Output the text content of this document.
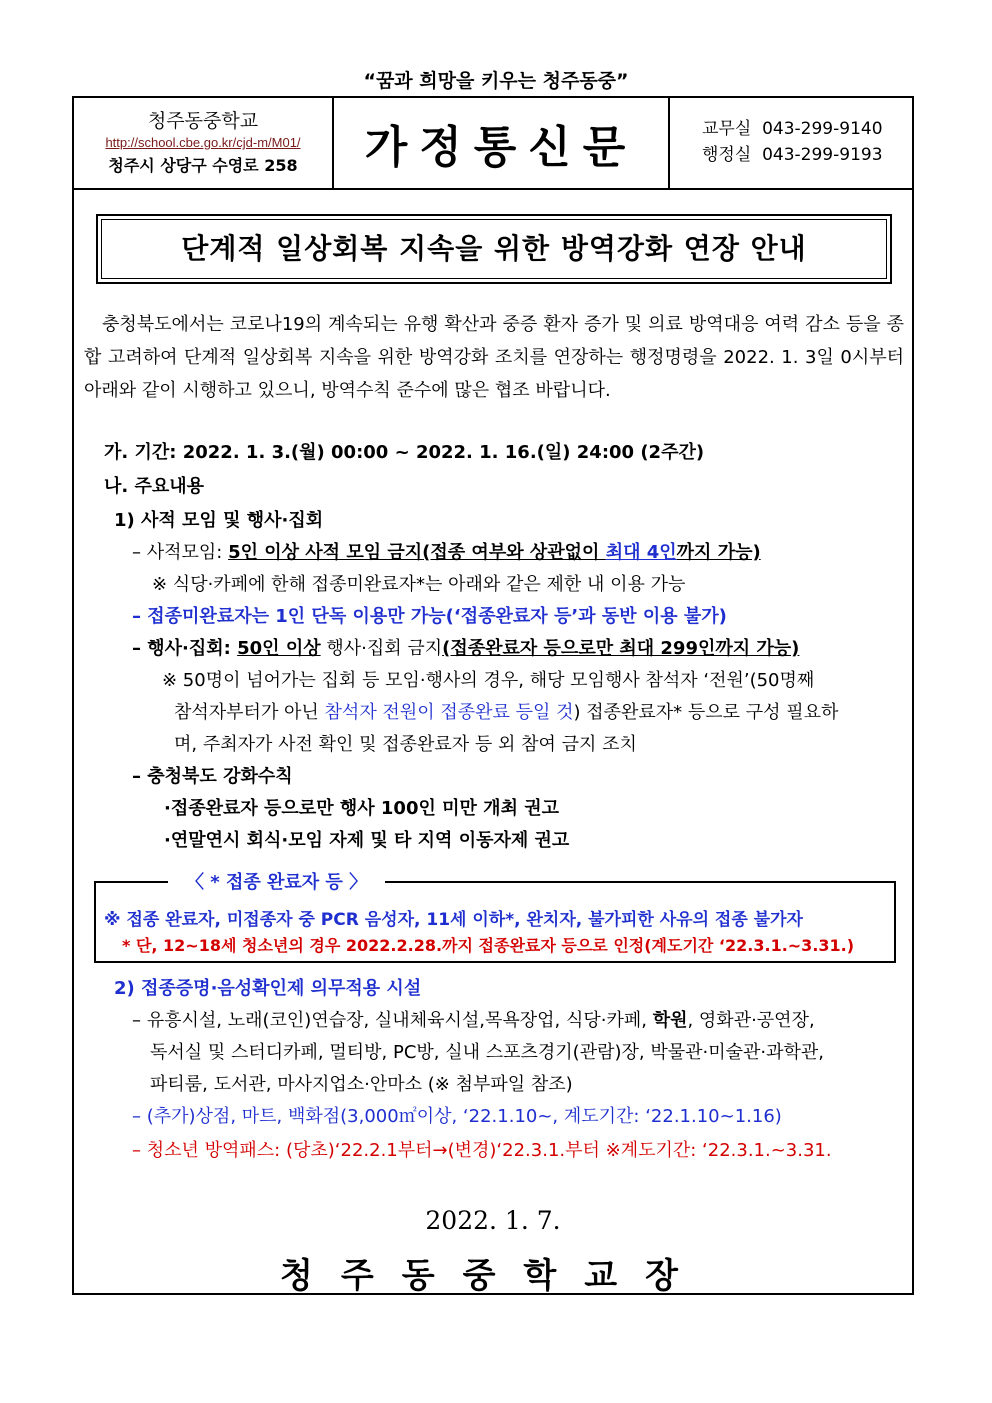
“꿈과 희망을 키우는 청주동중”
청주동중학교
http://school.cbe.go.kr/cjd-m/M01/
청주시 상당구 수영로 258	가정통신문	교무실 043-299-9140
행정실 043-299-9193
단계적 일상회복 지속을 위한 방역강화 연장 안내
충청북도에서는 코로나19의 계속되는 유행 확산과 중증 환자 증가 및 의료 방역대응 여력 감소 등을 종합 고려하여 단계적 일상회복 지속을 위한 방역강화 조치를 연장하는 행정명령을 2022. 1. 3일 0시부터 아래와 같이 시행하고 있으니, 방역수칙 준수에 많은 협조 바랍니다.
가. 기간: 2022. 1. 3.(월) 00:00 ~ 2022. 1. 16.(일) 24:00 (2주간)
나. 주요내용
1) 사적 모임 및 행사·집회
– 사적모임: 5인 이상 사적 모임 금지(접종 여부와 상관없이 최대 4인까지 가능)
※ 식당·카페에 한해 접종미완료자*는 아래와 같은 제한 내 이용 가능
– 접종미완료자는 1인 단독 이용만 가능(‘접종완료자 등’과 동반 이용 불가)
– 행사·집회: 50인 이상 행사·집회 금지(접종완료자 등으로만 최대 299인까지 가능)
※ 50명이 넘어가는 집회 등 모임·행사의 경우, 해당 모임행사 참석자 ‘전원’(50명째
참석자부터가 아닌 참석자 전원이 접종완료 등일 것) 접종완료자* 등으로 구성 필요하
며, 주최자가 사전 확인 및 접종완료자 등 외 참여 금지 조치
– 충청북도 강화수칙
·접종완료자 등으로만 행사 100인 미만 개최 권고
·연말연시 회식·모임 자제 및 타 지역 이동자제 권고
〈 * 접종 완료자 등 〉
※ 접종 완료자, 미접종자 중 PCR 음성자, 11세 이하*, 완치자, 불가피한 사유의 접종 불가자
* 단, 12~18세 청소년의 경우 2022.2.28.까지 접종완료자 등으로 인정(계도기간 ‘22.3.1.~3.31.)
2) 접종증명·음성확인제 의무적용 시설
– 유흥시설, 노래(코인)연습장, 실내체육시설,목욕장업, 식당·카페, 학원, 영화관·공연장,
독서실 및 스터디카페, 멀티방, PC방, 실내 스포츠경기(관람)장, 박물관·미술관·과학관,
파티룸, 도서관, 마사지업소·안마소 (※ 첨부파일 참조)
– (추가)상점, 마트, 백화점(3,000㎡이상, ‘22.1.10~, 계도기간: ‘22.1.10~1.16)
– 청소년 방역패스: (당초)‘22.2.1부터→(변경)‘22.3.1.부터 ※계도기간: ‘22.3.1.~3.31.
2022. 1. 7.
청주동중학교장
